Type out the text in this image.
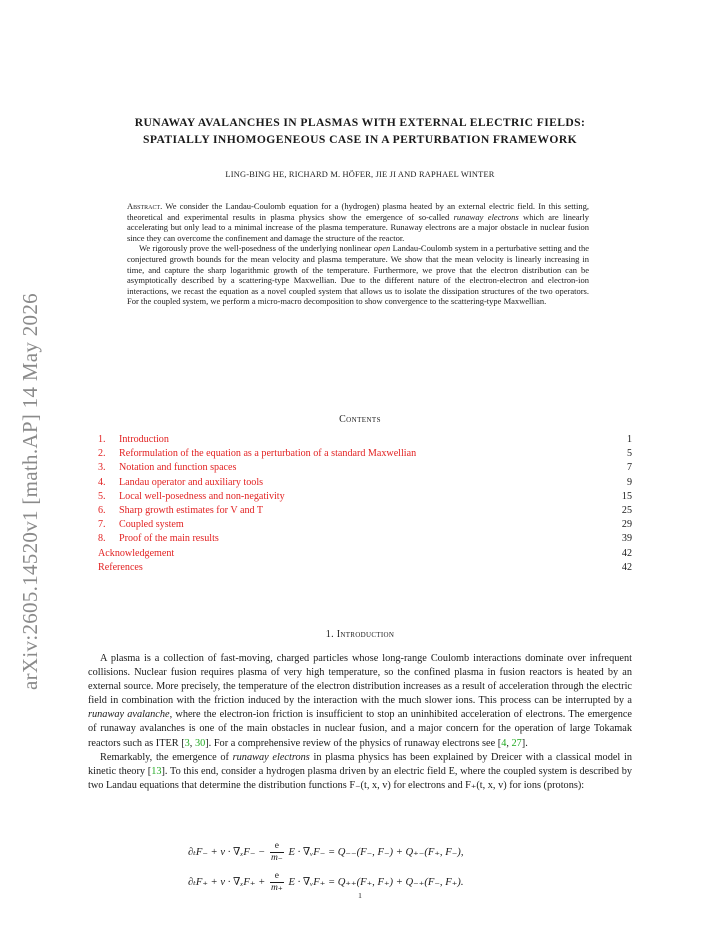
arXiv:2605.14520v1 [math.AP] 14 May 2026
RUNAWAY AVALANCHES IN PLASMAS WITH EXTERNAL ELECTRIC FIELDS:
SPATIALLY INHOMOGENEOUS CASE IN A PERTURBATION FRAMEWORK
LING-BING HE, RICHARD M. HÖFER, JIE JI AND RAPHAEL WINTER

Abstract. We consider the Landau-Coulomb equation for a (hydrogen) plasma heated by an external electric field. In this setting, theoretical and experimental results in plasma physics show the emergence of so-called runaway electrons which are linearly accelerating but only lead to a minimal increase of the plasma temperature. Runaway electrons are a major obstacle in nuclear fusion since they can overcome the confinement and damage the structure of the reactor.

We rigorously prove the well-posedness of the underlying nonlinear open Landau-Coulomb system in a perturbative setting and the conjectured growth bounds for the mean velocity and plasma temperature. We show that the mean velocity is linearly increasing in time, and capture the sharp logarithmic growth of the temperature. Furthermore, we prove that the electron distribution can be asymptotically described by a scattering-type Maxwellian. Due to the different nature of the electron-electron and electron-ion interactions, we recast the equation as a novel coupled system that allows us to isolate the dissipation structures of the two operators. For the coupled system, we perform a micro-macro decomposition to show convergence to the scattering-type Maxwellian.

Contents
1. Introduction	1
2. Reformulation of the equation as a perturbation of a standard Maxwellian	5
3. Notation and function spaces	7
4. Landau operator and auxiliary tools	9
5. Local well-posedness and non-negativity	15
6. Sharp growth estimates for V and T	25
7. Coupled system	29
8. Proof of the main results	39
Acknowledgement	42
References	42
1. Introduction

A plasma is a collection of fast-moving, charged particles whose long-range Coulomb interactions dominate over infrequent collisions. Nuclear fusion requires plasma of very high temperature, so the confined plasma in fusion reactors is heated by an external source. More precisely, the temperature of the electron distribution increases as a result of acceleration through the electric field in combination with the friction induced by the interaction with the much slower ions. This process can be interrupted by a runaway avalanche, where the electron-ion friction is insufficient to stop an uninhibited acceleration of electrons. The emergence of runaway avalanches is one of the main obstacles in nuclear fusion, and a major concern for the operation of large Tokamak reactors such as ITER [3, 30]. For a comprehensive review of the physics of runaway electrons see [4, 27].

Remarkably, the emergence of runaway electrons in plasma physics has been explained by Dreicer with a classical model in kinetic theory [13]. To this end, consider a hydrogen plasma driven by an electric field E, where the coupled system is described by two Landau equations that determine the distribution functions F₋(t, x, v) for electrons and F₊(t, x, v) for ions (protons):

$\partial_tF_- + v \cdot \nabla_xF_- - \frac{e}{m_-}$ E · ∇ᵥF₋ = Q₋₋(F₋, F₋) + Q₊₋(F₊, F₋),
$\partial_tF_+ + v \cdot \nabla_xF_+ + \frac{e}{m_+}$ E · ∇ᵥF₊ = Q₊₊(F₊, F₊) + Q₋₊(F₋, F₊).
1
